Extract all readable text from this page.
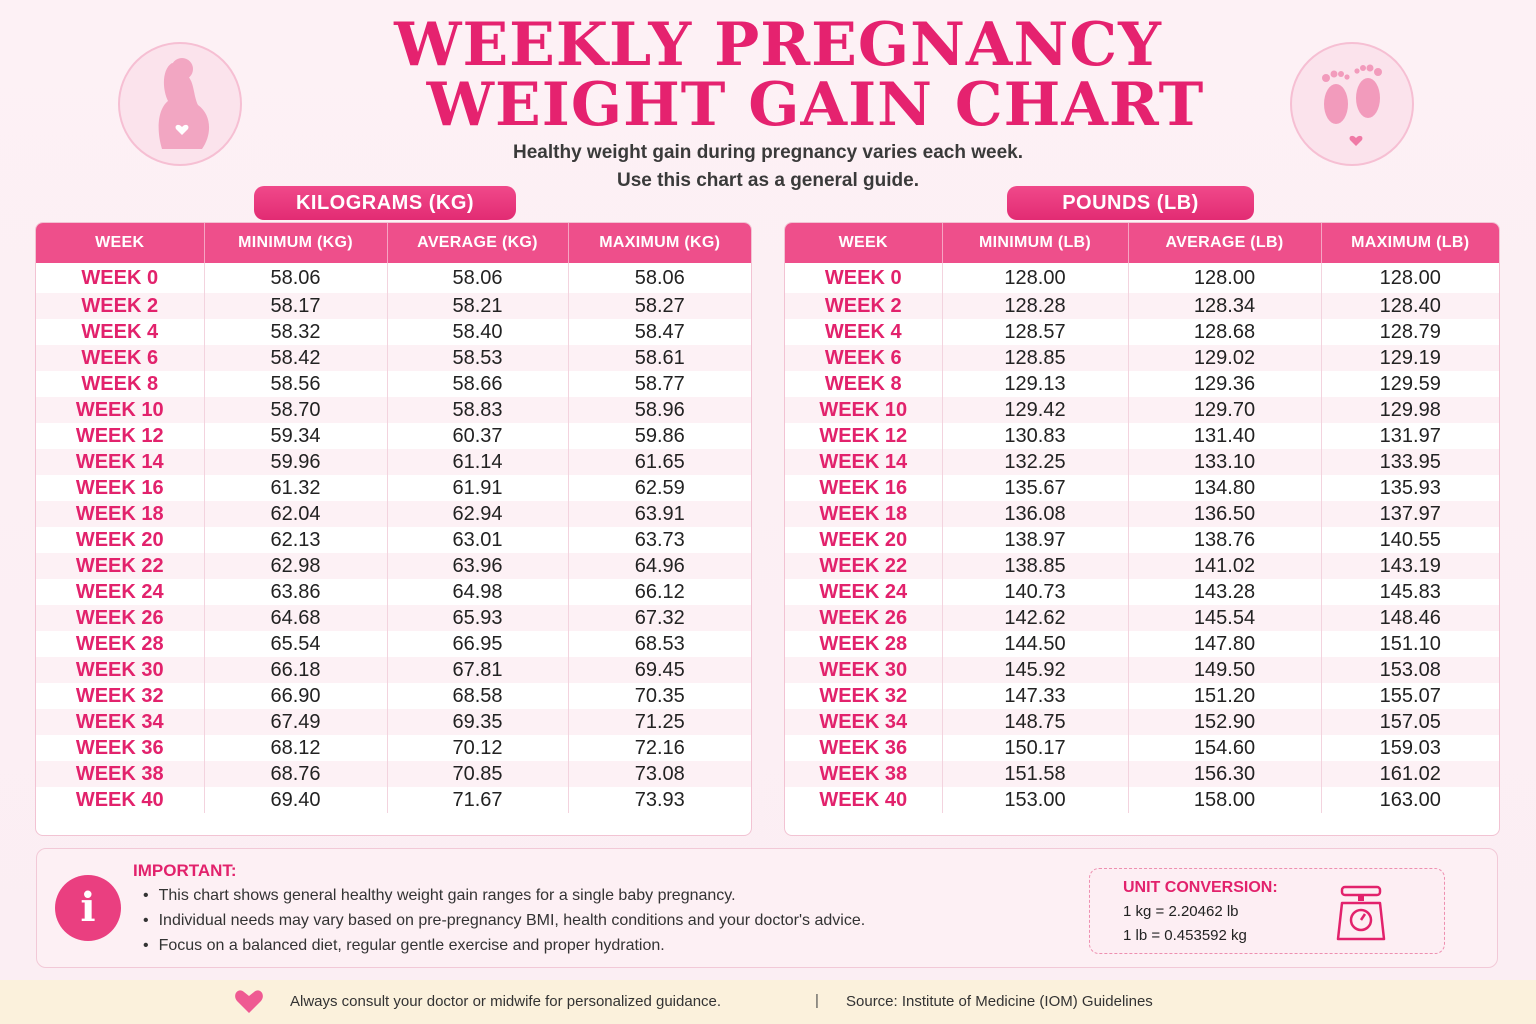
WEEKLY PREGNANCY
WEIGHT GAIN CHART
Healthy weight gain during pregnancy varies each week.
Use this chart as a general guide.
KILOGRAMS (KG)	POUNDS (LB)
WEEK	MINIMUM (KG)	AVERAGE (KG)	MAXIMUM (KG)
WEEK 0	58.06	58.06	58.06
WEEK 2	58.17	58.21	58.27
WEEK 4	58.32	58.40	58.47
WEEK 6	58.42	58.53	58.61
WEEK 8	58.56	58.66	58.77
WEEK 10	58.70	58.83	58.96
WEEK 12	59.34	60.37	59.86
WEEK 14	59.96	61.14	61.65
WEEK 16	61.32	61.91	62.59
WEEK 18	62.04	62.94	63.91
WEEK 20	62.13	63.01	63.73
WEEK 22	62.98	63.96	64.96
WEEK 24	63.86	64.98	66.12
WEEK 26	64.68	65.93	67.32
WEEK 28	65.54	66.95	68.53
WEEK 30	66.18	67.81	69.45
WEEK 32	66.90	68.58	70.35
WEEK 34	67.49	69.35	71.25
WEEK 36	68.12	70.12	72.16
WEEK 38	68.76	70.85	73.08
WEEK 40	69.40	71.67	73.93
WEEK	MINIMUM (LB)	AVERAGE (LB)	MAXIMUM (LB)
WEEK 0	128.00	128.00	128.00
WEEK 2	128.28	128.34	128.40
WEEK 4	128.57	128.68	128.79
WEEK 6	128.85	129.02	129.19
WEEK 8	129.13	129.36	129.59
WEEK 10	129.42	129.70	129.98
WEEK 12	130.83	131.40	131.97
WEEK 14	132.25	133.10	133.95
WEEK 16	135.67	134.80	135.93
WEEK 18	136.08	136.50	137.97
WEEK 20	138.97	138.76	140.55
WEEK 22	138.85	141.02	143.19
WEEK 24	140.73	143.28	145.83
WEEK 26	142.62	145.54	148.46
WEEK 28	144.50	147.80	151.10
WEEK 30	145.92	149.50	153.08
WEEK 32	147.33	151.20	155.07
WEEK 34	148.75	152.90	157.05
WEEK 36	150.17	154.60	159.03
WEEK 38	151.58	156.30	161.02
WEEK 40	153.00	158.00	163.00
i
IMPORTANT:
• This chart shows general healthy weight gain ranges for a single baby pregnancy.
• Individual needs may vary based on pre-pregnancy BMI, health conditions and your doctor's advice.
• Focus on a balanced diet, regular gentle exercise and proper hydration.
UNIT CONVERSION:
1 kg = 2.20462 lb
1 lb = 0.453592 kg
Always consult your doctor or midwife for personalized guidance.	| Source: Institute of Medicine (IOM) Guidelines
